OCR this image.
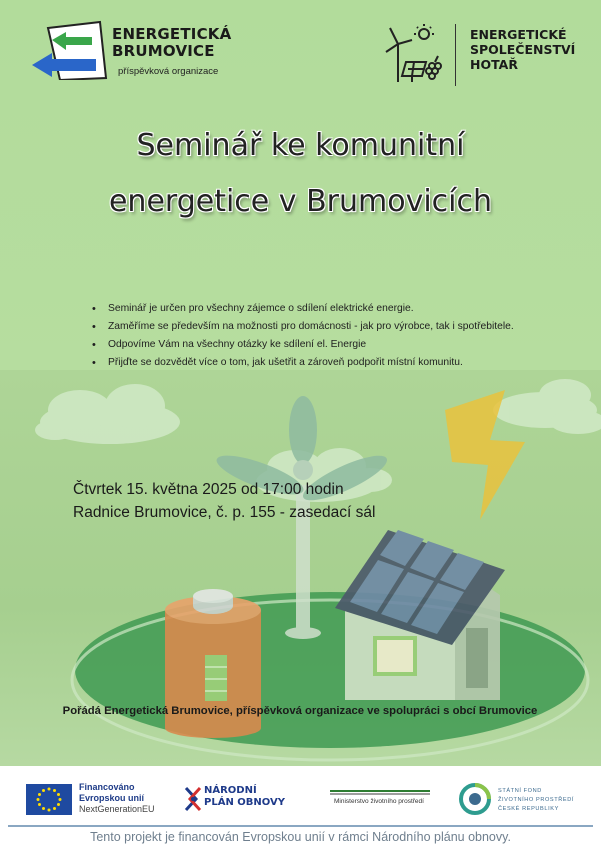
ENERGETICKÁ
BRUMOVICE
příspěvková organizace
ENERGETICKÉ
SPOLEČENSTVÍ
HOTAŘ
Seminář ke komunitní
energetice v Brumovicích
• Seminář je určen pro všechny zájemce o sdílení elektrické energie.
• Zaměříme se především na možnosti pro domácnosti - jak pro výrobce, tak i spotřebitele.
• Odpovíme Vám na všechny otázky ke sdílení el. Energie
• Přijďte se dozvědět více o tom, jak ušetřit a zároveň podpořit místní komunitu.
Čtvrtek 15. května 2025 od 17:00 hodin
Radnice Brumovice, č. p. 155 - zasedací sál
Pořádá Energetická Brumovice, příspěvková organizace ve spolupráci s obcí Brumovice
Financováno
Evropskou unií
NextGenerationEU
NÁRODNÍ
PLÁN OBNOVY	Ministerstvo životního prostředí
STÁTNÍ FOND
ŽIVOTNÍHO PROSTŘEDÍ
ČESKÉ REPUBLIKY
Tento projekt je financován Evropskou unií v rámci Národního plánu obnovy.
